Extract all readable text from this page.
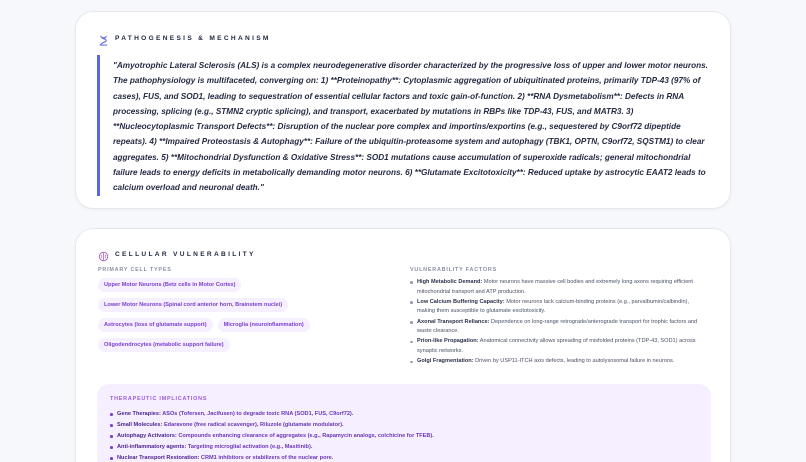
PATHOGENESIS & MECHANISM
"Amyotrophic Lateral Sclerosis (ALS) is a complex neurodegenerative disorder characterized by the progressive loss of upper and lower motor neurons. The pathophysiology is multifaceted, converging on: 1) **Proteinopathy**: Cytoplasmic aggregation of ubiquitinated proteins, primarily TDP-43 (97% of cases), FUS, and SOD1, leading to sequestration of essential cellular factors and toxic gain-of-function. 2) **RNA Dysmetabolism**: Defects in RNA processing, splicing (e.g., STMN2 cryptic splicing), and transport, exacerbated by mutations in RBPs like TDP-43, FUS, and MATR3. 3) **Nucleocytoplasmic Transport Defects**: Disruption of the nuclear pore complex and importins/exportins (e.g., sequestered by C9orf72 dipeptide repeats). 4) **Impaired Proteostasis & Autophagy**: Failure of the ubiquitin-proteasome system and autophagy (TBK1, OPTN, C9orf72, SQSTM1) to clear aggregates. 5) **Mitochondrial Dysfunction & Oxidative Stress**: SOD1 mutations cause accumulation of superoxide radicals; general mitochondrial failure leads to energy deficits in metabolically demanding motor neurons. 6) **Glutamate Excitotoxicity**: Reduced uptake by astrocytic EAAT2 leads to calcium overload and neuronal death."
CELLULAR VULNERABILITY
PRIMARY CELL TYPES	VULNERABILITY FACTORS
Upper Motor Neurons (Betz cells in Motor Cortex)
Lower Motor Neurons (Spinal cord anterior horn, Brainstem nuclei)
Astrocytes (loss of glutamate support)	Microglia (neuroinflammation)
Oligodendrocytes (metabolic support failure)
High Metabolic Demand: Motor neurons have massive cell bodies and extremely long axons requiring efficient mitochondrial transport and ATP production.
Low Calcium Buffering Capacity: Motor neurons lack calcium-binding proteins (e.g., parvalbumin/calbindin), making them susceptible to glutamate excitotoxicity.
Axonal Transport Reliance: Dependence on long-range retrograde/anterograde transport for trophic factors and waste clearance.
Prion-like Propagation: Anatomical connectivity allows spreading of misfolded proteins (TDP-43, SOD1) across synaptic networks.
Golgi Fragmentation: Driven by USP11-ITCH axis defects, leading to autolysosomal failure in neurons.
THERAPEUTIC IMPLICATIONS
Gene Therapies: ASOs (Tofersen, Jacifusen) to degrade toxic RNA (SOD1, FUS, C9orf72).
Small Molecules: Edaravone (free radical scavenger), Riluzole (glutamate modulator).
Autophagy Activators: Compounds enhancing clearance of aggregates (e.g., Rapamycin analogs, colchicine for TFEB).
Anti-inflammatory agents: Targeting microglial activation (e.g., Masitinib).
Nuclear Transport Restoration: CRM1 inhibitors or stabilizers of the nuclear pore.
